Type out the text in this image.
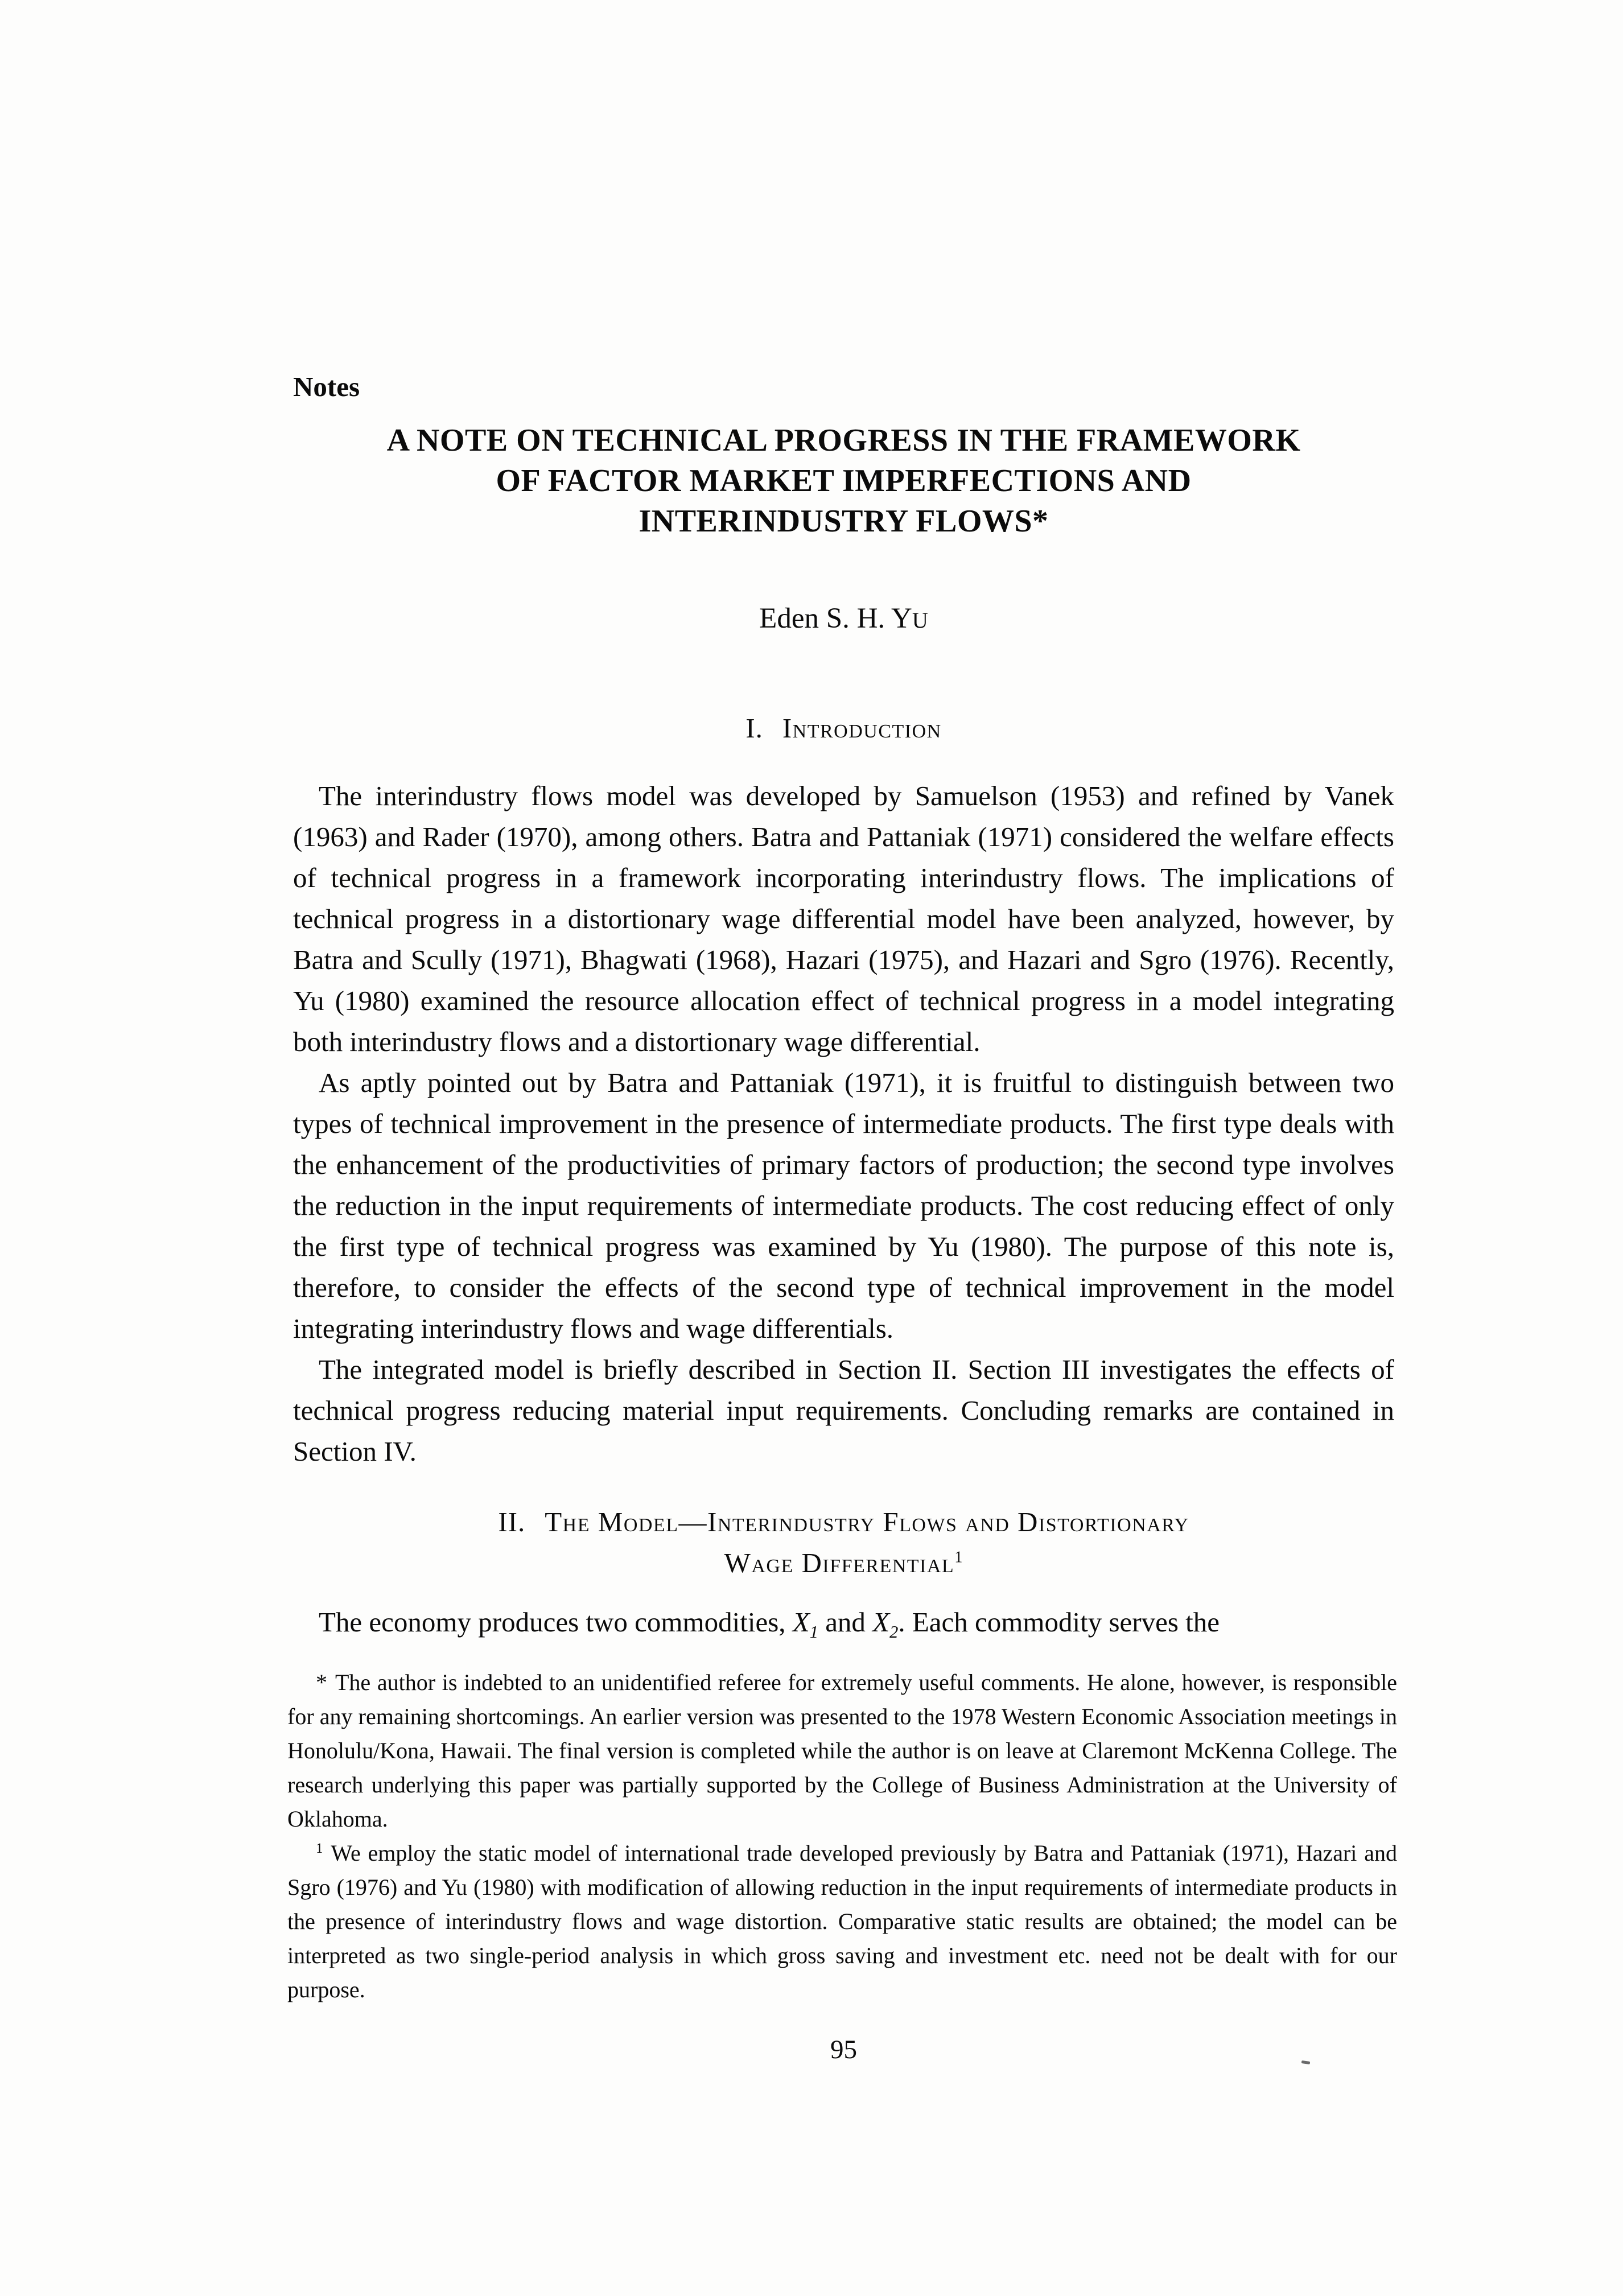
Notes
A NOTE ON TECHNICAL PROGRESS IN THE FRAMEWORK
OF FACTOR MARKET IMPERFECTIONS AND
INTERINDUSTRY FLOWS*
Eden S. H. YU
I. Introduction

The interindustry flows model was developed by Samuelson (1953) and refined by Vanek (1963) and Rader (1970), among others. Batra and Pattaniak (1971) considered the welfare effects of technical progress in a framework incorporating interindustry flows. The implications of technical progress in a distortionary wage differential model have been analyzed, however, by Batra and Scully (1971), Bhagwati (1968), Hazari (1975), and Hazari and Sgro (1976). Recently, Yu (1980) examined the resource allocation effect of technical progress in a model integrating both interindustry flows and a distortionary wage differential.

As aptly pointed out by Batra and Pattaniak (1971), it is fruitful to distinguish between two types of technical improvement in the presence of intermediate products. The first type deals with the enhancement of the productivities of primary factors of production; the second type involves the reduction in the input requirements of intermediate products. The cost reducing effect of only the first type of technical progress was examined by Yu (1980). The purpose of this note is, therefore, to consider the effects of the second type of technical improvement in the model integrating interindustry flows and wage differentials.

The integrated model is briefly described in Section II. Section III investigates the effects of technical progress reducing material input requirements. Concluding remarks are contained in Section IV.

II. The Model—Interindustry Flows and Distortionary
Wage Differential$^1$

The economy produces two commodities, $X_1$ and $X_2$. Each commodity serves the

* The author is indebted to an unidentified referee for extremely useful comments. He alone, however, is responsible for any remaining shortcomings. An earlier version was presented to the 1978 Western Economic Association meetings in Honolulu/Kona, Hawaii. The final version is completed while the author is on leave at Claremont McKenna College. The research underlying this paper was partially supported by the College of Business Administration at the University of Oklahoma.

$^1$ We employ the static model of international trade developed previously by Batra and Pattaniak (1971), Hazari and Sgro (1976) and Yu (1980) with modification of allowing reduction in the input requirements of intermediate products in the presence of interindustry flows and wage distortion. Comparative static results are obtained; the model can be interpreted as two single-period analysis in which gross saving and investment etc. need not be dealt with for our purpose.

95
